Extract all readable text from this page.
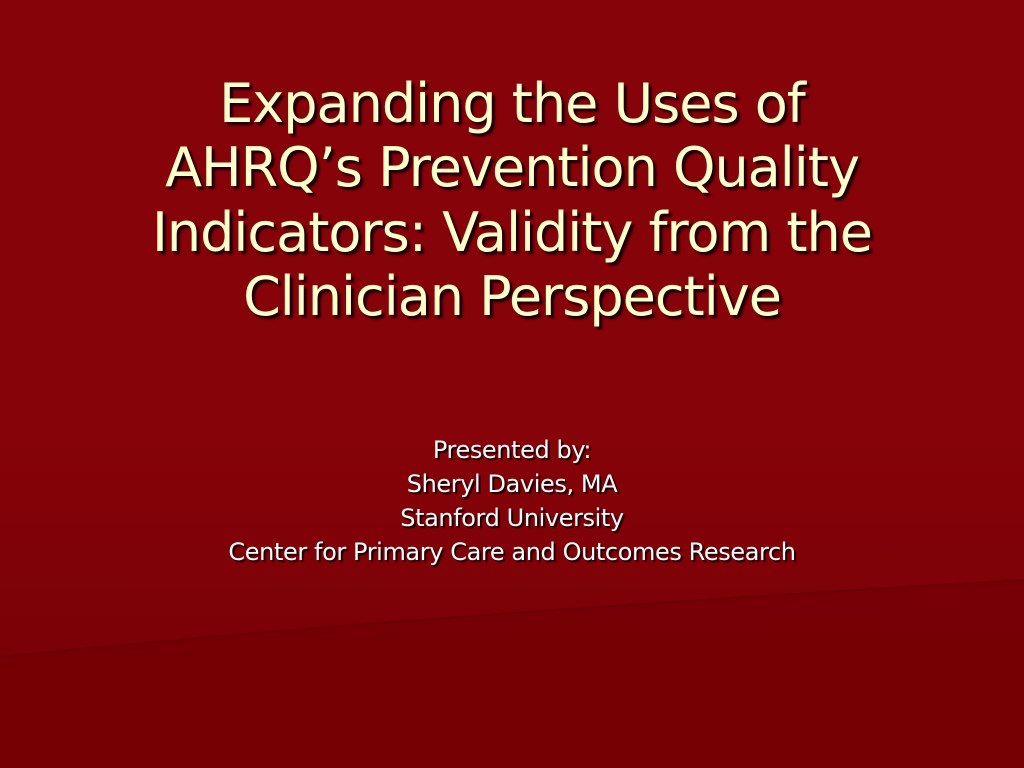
Expanding the Uses of
AHRQ’s Prevention Quality
Indicators: Validity from the
Clinician Perspective
Presented by:
Sheryl Davies, MA
Stanford University
Center for Primary Care and Outcomes Research
